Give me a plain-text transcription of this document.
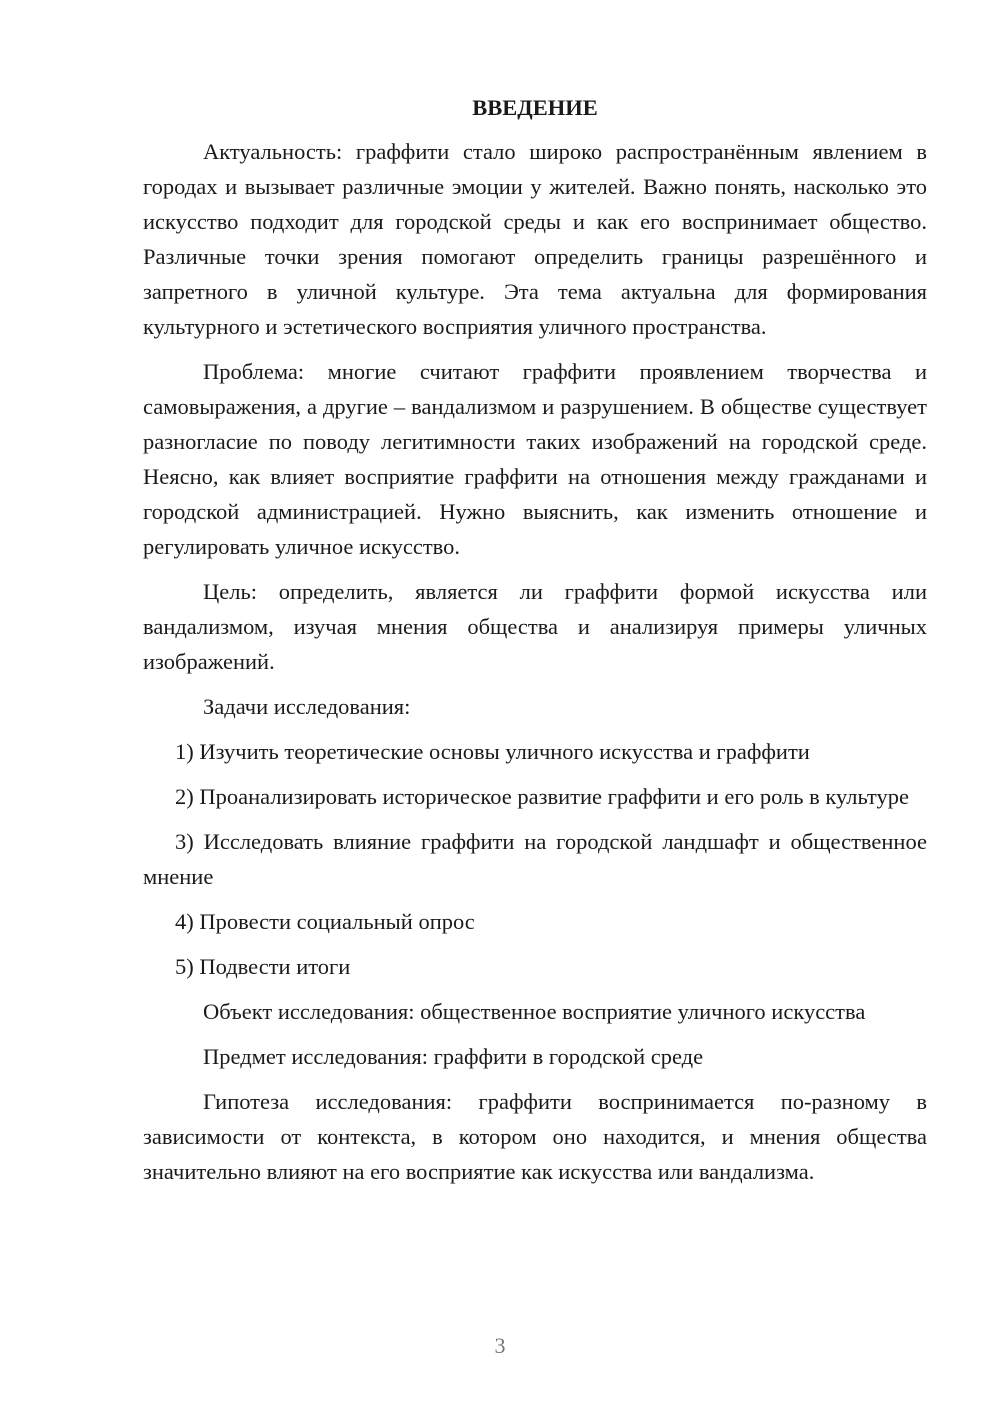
ВВЕДЕНИЕ

Актуальность: граффити стало широко распространённым явлением в городах и вызывает различные эмоции у жителей. Важно понять, насколько это искусство подходит для городской среды и как его воспринимает общество. Различные точки зрения помогают определить границы разрешённого и запретного в уличной культуре. Эта тема актуальна для формирования культурного и эстетического восприятия уличного пространства.

Проблема: многие считают граффити проявлением творчества и самовыражения, а другие – вандализмом и разрушением. В обществе существует разногласие по поводу легитимности таких изображений на городской среде. Неясно, как влияет восприятие граффити на отношения между гражданами и городской администрацией. Нужно выяснить, как изменить отношение и регулировать уличное искусство.

Цель: определить, является ли граффити формой искусства или вандализмом, изучая мнения общества и анализируя примеры уличных изображений.

Задачи исследования:

1) Изучить теоретические основы уличного искусства и граффити

2) Проанализировать историческое развитие граффити и его роль в культуре

3) Исследовать влияние граффити на городской ландшафт и общественное мнение

4) Провести социальный опрос

5) Подвести итоги

Объект исследования: общественное восприятие уличного искусства

Предмет исследования: граффити в городской среде

Гипотеза исследования: граффити воспринимается по-разному в зависимости от контекста, в котором оно находится, и мнения общества значительно влияют на его восприятие как искусства или вандализма.

3
